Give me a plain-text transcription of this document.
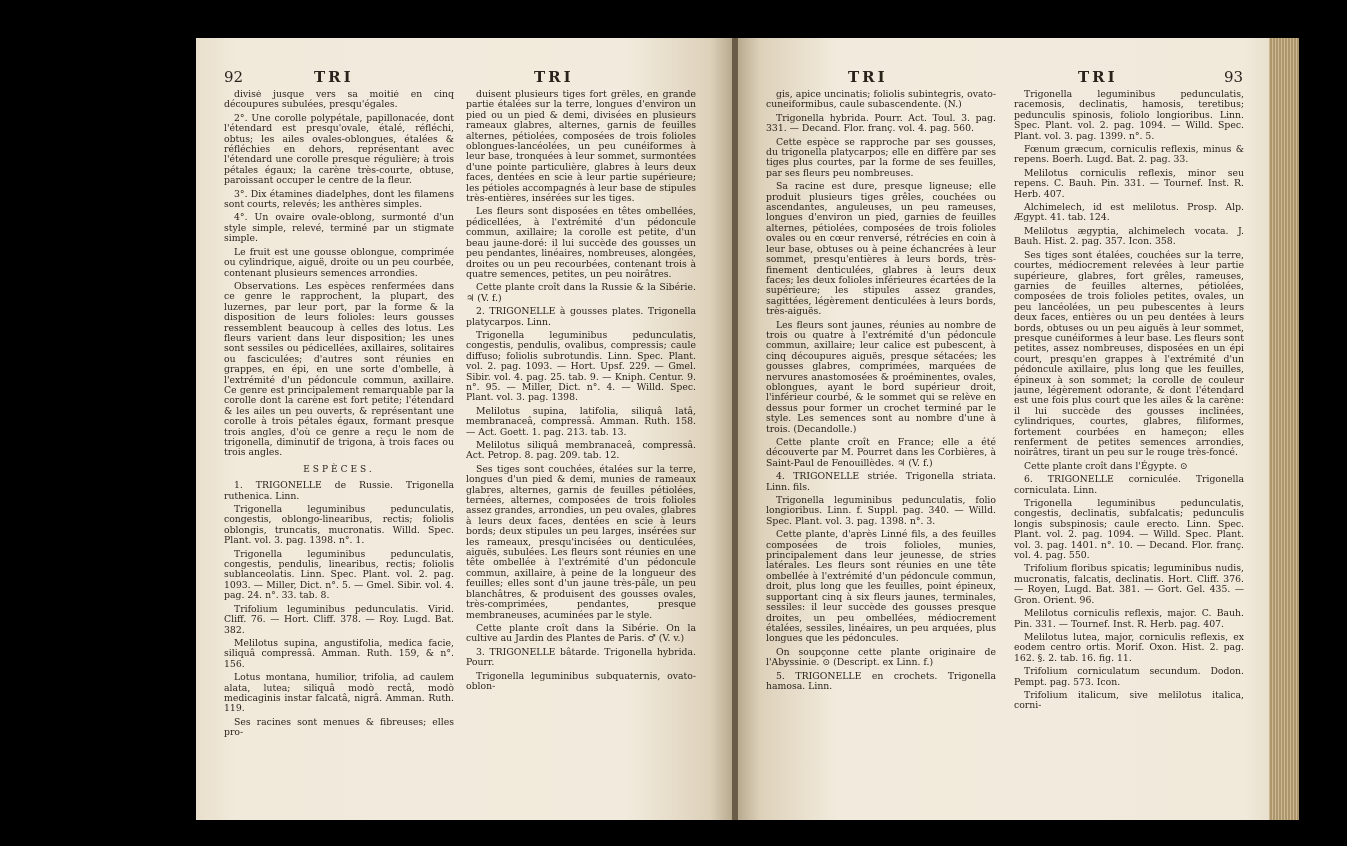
92	TRI	TRI

divisé jusque vers sa moitié en cinq découpures subulées, presqu'égales.

2°. Une corolle polypétale, papillonacée, dont l'étendard est presqu'ovale, étalé, réfléchi, obtus; les ailes ovales-oblongues, étalées & réfléchies en dehors, représentant avec l'étendard une corolle presque régulière; à trois pétales égaux; la carène très-courte, obtuse, paroissant occuper le centre de la fleur.

3°. Dix étamines diadelphes, dont les filamens sont courts, relevés; les anthères simples.

4°. Un ovaire ovale-oblong, surmonté d'un style simple, relevé, terminé par un stigmate simple.

Le fruit est une gousse oblongue, comprimée ou cylindrique, aiguë, droite ou un peu courbée, contenant plusieurs semences arrondies.

Observations. Les espèces renfermées dans ce genre le rapprochent, la plupart, des luzernes, par leur port, par la forme & la disposition de leurs folioles: leurs gousses ressemblent beaucoup à celles des lotus. Les fleurs varient dans leur disposition; les unes sont sessiles ou pédicellées, axillaires, solitaires ou fasciculées; d'autres sont réunies en grappes, en épi, en une sorte d'ombelle, à l'extrémité d'un pédoncule commun, axillaire. Ce genre est principalement remarquable par la corolle dont la carène est fort petite; l'étendard & les ailes un peu ouverts, & représentant une corolle à trois pétales égaux, formant presque trois angles, d'où ce genre a reçu le nom de trigonella, diminutif de trigona, à trois faces ou trois angles.

ESPÈCES.

1. TRIGONELLE de Russie. Trigonella ruthenica. Linn.

Trigonella leguminibus pedunculatis, congestis, oblongo-linearibus, rectis; foliolis oblongis, truncatis, mucronatis. Willd. Spec. Plant. vol. 3. pag. 1398. n°. 1.

Trigonella leguminibus pedunculatis, congestis, pendulis, linearibus, rectis; foliolis sublanceolatis. Linn. Spec. Plant. vol. 2. pag. 1093. — Miller, Dict. n°. 5. — Gmel. Sibir. vol. 4. pag. 24. n°. 33. tab. 8.

Trifolium leguminibus pedunculatis. Virid. Cliff. 76. — Hort. Cliff. 378. — Roy. Lugd. Bat. 382.

Melilotus supina, angustifolia, medica facie, siliquâ compressâ. Amman. Ruth. 159, & n°. 156.

Lotus montana, humilior, trifolia, ad caulem alata, lutea; siliquâ modò rectâ, modò medicaginis instar falcatâ, nigrâ. Amman. Ruth. 119.

Ses racines sont menues & fibreuses; elles pro-

duisent plusieurs tiges fort grêles, en grande partie étalées sur la terre, longues d'environ un pied ou un pied & demi, divisées en plusieurs rameaux glabres, alternes, garnis de feuilles alternes, pétiolées, composées de trois folioles oblongues-lancéolées, un peu cunéiformes à leur base, tronquées à leur sommet, surmontées d'une pointe particulière, glabres à leurs deux faces, dentées en scie à leur partie supérieure; les pétioles accompagnés à leur base de stipules très-entières, insérées sur les tiges.

Les fleurs sont disposées en têtes ombellées, pédicellées, à l'extrémité d'un pédoncule commun, axillaire; la corolle est petite, d'un beau jaune-doré: il lui succède des gousses un peu pendantes, linéaires, nombreuses, alongées, droites ou un peu recourbées, contenant trois à quatre semences, petites, un peu noirâtres.

Cette plante croît dans la Russie & la Sibérie. ♃ (V. f.)

2. TRIGONELLE à gousses plates. Trigonella platycarpos. Linn.

Trigonella leguminibus pedunculatis, congestis, pendulis, ovalibus, compressis; caule diffuso; foliolis subrotundis. Linn. Spec. Plant. vol. 2. pag. 1093. — Hort. Upsf. 229. — Gmel. Sibir. vol. 4. pag. 25. tab. 9. — Kniph. Centur. 9. n°. 95. — Miller, Dict. n°. 4. — Willd. Spec. Plant. vol. 3. pag. 1398.

Melilotus supina, latifolia, siliquâ latâ, membranaceâ, compressâ. Amman. Ruth. 158. — Act. Goett. 1. pag. 213. tab. 13.

Melilotus siliquâ membranaceâ, compressâ. Act. Petrop. 8. pag. 209. tab. 12.

Ses tiges sont couchées, étalées sur la terre, longues d'un pied & demi, munies de rameaux glabres, alternes, garnis de feuilles pétiolées, ternées, alternes, composées de trois folioles assez grandes, arrondies, un peu ovales, glabres à leurs deux faces, dentées en scie à leurs bords; deux stipules un peu larges, insérées sur les rameaux, presqu'incisées ou denticulées, aiguës, subulées. Les fleurs sont réunies en une tête ombellée à l'extrémité d'un pédoncule commun, axillaire, à peine de la longueur des feuilles; elles sont d'un jaune très-pâle, un peu blanchâtres, & produisent des gousses ovales, très-comprimées, pendantes, presque membraneuses, acuminées par le style.

Cette plante croît dans la Sibérie. On la cultive au Jardin des Plantes de Paris. ♂ (V. v.)

3. TRIGONELLE bâtarde. Trigonella hybrida. Pourr.

Trigonella leguminibus subquaternis, ovato-oblon-

TRI	TRI	93

gis, apice uncinatis; foliolis subintegris, ovato-cuneiformibus, caule subascendente. (N.)

Trigonella hybrida. Pourr. Act. Toul. 3. pag. 331. — Decand. Flor. franç. vol. 4. pag. 560.

Cette espèce se rapproche par ses gousses, du trigonella platycarpos; elle en diffère par ses tiges plus courtes, par la forme de ses feuilles, par ses fleurs peu nombreuses.

Sa racine est dure, presque ligneuse; elle produit plusieurs tiges grêles, couchées ou ascendantes, anguleuses, un peu rameuses, longues d'environ un pied, garnies de feuilles alternes, pétiolées, composées de trois folioles ovales ou en cœur renversé, rétrécies en coin à leur base, obtuses ou à peine échancrées à leur sommet, presqu'entières à leurs bords, très-finement denticulées, glabres à leurs deux faces; les deux folioles inférieures écartées de la supérieure; les stipules assez grandes, sagittées, légèrement denticulées à leurs bords, très-aiguës.

Les fleurs sont jaunes, réunies au nombre de trois ou quatre à l'extrémité d'un pédoncule commun, axillaire; leur calice est pubescent, à cinq découpures aiguës, presque sétacées; les gousses glabres, comprimées, marquées de nervures anastomosées & proéminentes, ovales, oblongues, ayant le bord supérieur droit, l'inférieur courbé, & le sommet qui se relève en dessus pour former un crochet terminé par le style. Les semences sont au nombre d'une à trois. (Decandolle.)

Cette plante croît en France; elle a été découverte par M. Pourret dans les Corbières, à Saint-Paul de Fenouillèdes. ♃ (V. f.)

4. TRIGONELLE striée. Trigonella striata. Linn. fils.

Trigonella leguminibus pedunculatis, folio longioribus. Linn. f. Suppl. pag. 340. — Willd. Spec. Plant. vol. 3. pag. 1398. n°. 3.

Cette plante, d'après Linné fils, a des feuilles composées de trois folioles, munies, principalement dans leur jeunesse, de stries latérales. Les fleurs sont réunies en une tête ombellée à l'extrémité d'un pédoncule commun, droit, plus long que les feuilles, point épineux, supportant cinq à six fleurs jaunes, terminales, sessiles: il leur succède des gousses presque droites, un peu ombellées, médiocrement étalées, sessiles, linéaires, un peu arquées, plus longues que les pédoncules.

On soupçonne cette plante originaire de l'Abyssinie. ⊙ (Descript. ex Linn. f.)

5. TRIGONELLE en crochets. Trigonella hamosa. Linn.

Trigonella leguminibus pedunculatis, racemosis, declinatis, hamosis, teretibus; pedunculis spinosis, foliolo longioribus. Linn. Spec. Plant. vol. 2. pag. 1094. — Willd. Spec. Plant. vol. 3. pag. 1399. n°. 5.

Fœnum græcum, corniculis reflexis, minus & repens. Boerh. Lugd. Bat. 2. pag. 33.

Melilotus corniculis reflexis, minor seu repens. C. Bauh. Pin. 331. — Tournef. Inst. R. Herb. 407.

Alchimelech, id est melilotus. Prosp. Alp. Ægypt. 41. tab. 124.

Melilotus ægyptia, alchimelech vocata. J. Bauh. Hist. 2. pag. 357. Icon. 358.

Ses tiges sont étalées, couchées sur la terre, courtes, médiocrement relevées à leur partie supérieure, glabres, fort grêles, rameuses, garnies de feuilles alternes, pétiolées, composées de trois folioles petites, ovales, un peu lancéolées, un peu pubescentes à leurs deux faces, entières ou un peu dentées à leurs bords, obtuses ou un peu aiguës à leur sommet, presque cunéiformes à leur base. Les fleurs sont petites, assez nombreuses, disposées en un épi court, presqu'en grappes à l'extrémité d'un pédoncule axillaire, plus long que les feuilles, épineux à son sommet; la corolle de couleur jaune, légèrement odorante, & dont l'étendard est une fois plus court que les ailes & la carène: il lui succède des gousses inclinées, cylindriques, courtes, glabres, filiformes, fortement courbées en hameçon; elles renferment de petites semences arrondies, noirâtres, tirant un peu sur le rouge très-foncé.

Cette plante croît dans l'Égypte. ⊙

6. TRIGONELLE corniculée. Trigonella corniculata. Linn.

Trigonella leguminibus pedunculatis, congestis, declinatis, subfalcatis; pedunculis longis subspinosis; caule erecto. Linn. Spec. Plant. vol. 2. pag. 1094. — Willd. Spec. Plant. vol. 3. pag. 1401. n°. 10. — Decand. Flor. franç. vol. 4. pag. 550.

Trifolium floribus spicatis; leguminibus nudis, mucronatis, falcatis, declinatis. Hort. Cliff. 376. — Royen, Lugd. Bat. 381. — Gort. Gel. 435. — Gron. Orient. 96.

Melilotus corniculis reflexis, major. C. Bauh. Pin. 331. — Tournef. Inst. R. Herb. pag. 407.

Melilotus lutea, major, corniculis reflexis, ex eodem centro ortis. Morif. Oxon. Hist. 2. pag. 162. §. 2. tab. 16. fig. 11.

Trifolium corniculatum secundum. Dodon. Pempt. pag. 573. Icon.

Trifolium italicum, sive melilotus italica, corni-
